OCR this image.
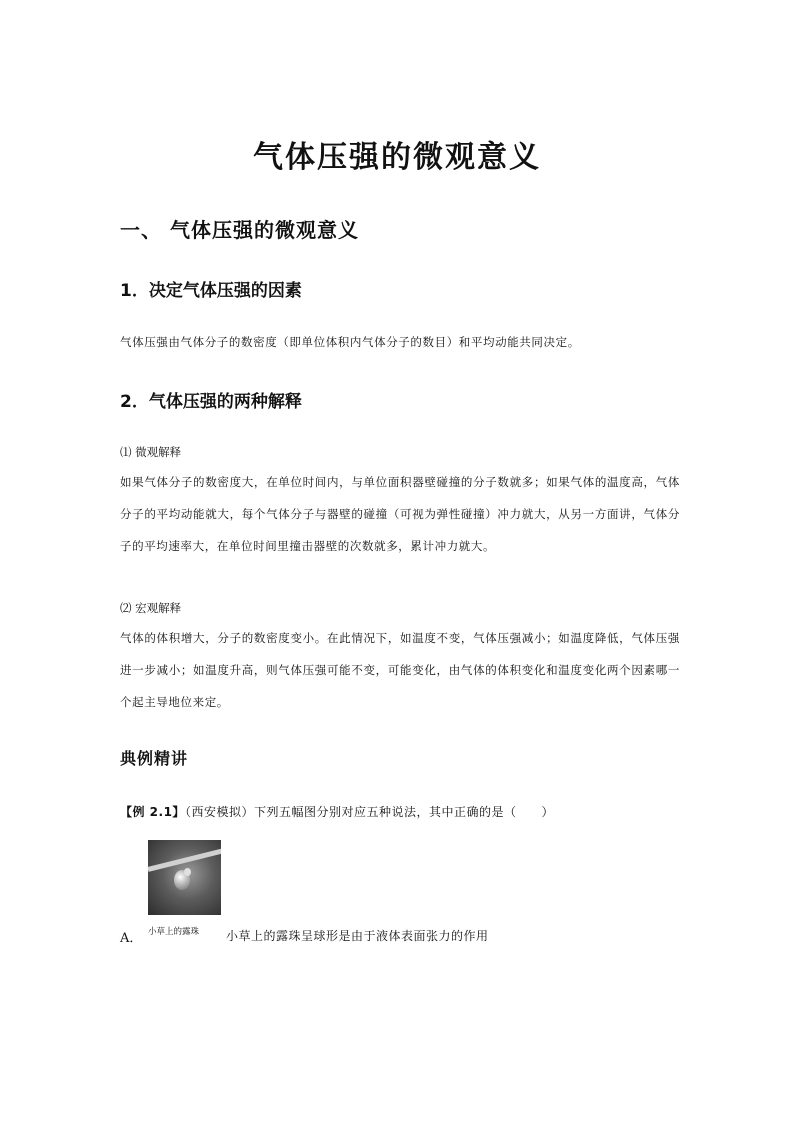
气体压强的微观意义
一、 气体压强的微观意义
1．决定气体压强的因素
气体压强由气体分子的数密度（即单位体积内气体分子的数目）和平均动能共同决定。
2．气体压强的两种解释
⑴ 微观解释
如果气体分子的数密度大，在单位时间内，与单位面积器壁碰撞的分子数就多；如果气体的温度高，气体分子的平均动能就大，每个气体分子与器壁的碰撞（可视为弹性碰撞）冲力就大，从另一方面讲，气体分子的平均速率大，在单位时间里撞击器壁的次数就多，累计冲力就大。
⑵ 宏观解释
气体的体积增大，分子的数密度变小。在此情况下，如温度不变，气体压强减小；如温度降低，气体压强进一步减小；如温度升高，则气体压强可能不变，可能变化，由气体的体积变化和温度变化两个因素哪一个起主导地位来定。
典例精讲
【例 2.1】（西安模拟）下列五幅图分别对应五种说法，其中正确的是（　　）
A． 小草上的露珠 小草上的露珠呈球形是由于液体表面张力的作用
